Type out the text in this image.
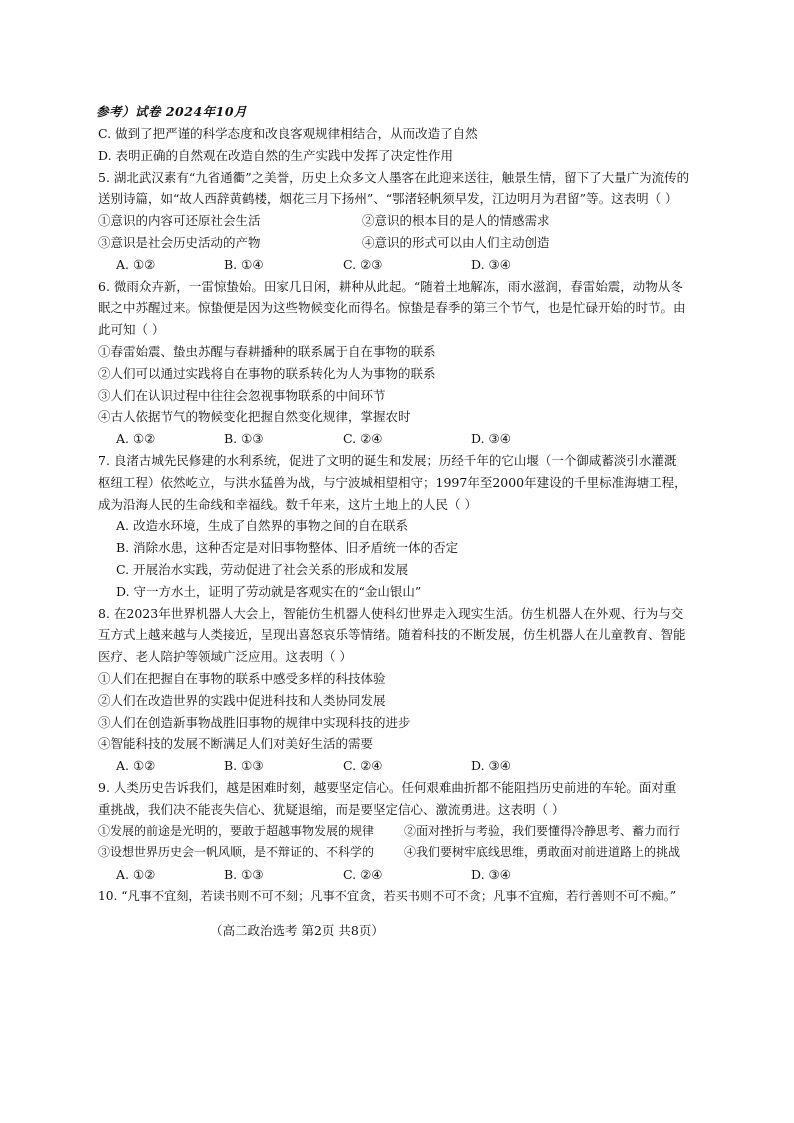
参考）试卷 2024年10月
C. 做到了把严谨的科学态度和改良客观规律相结合，从而改造了自然
D. 表明正确的自然观在改造自然的生产实践中发挥了决定性作用
5. 湖北武汉素有“九省通衢”之美誉，历史上众多文人墨客在此迎来送往，触景生情，留下了大量广为流传的
送别诗篇，如“故人西辞黄鹤楼，烟花三月下扬州”、“鄂渚轻帆须早发，江边明月为君留”等。这表明（ ）
①意识的内容可还原社会生活	②意识的根本目的是人的情感需求
③意识是社会历史活动的产物	④意识的形式可以由人们主动创造
A. ①②	B. ①④	C. ②③	D. ③④
6. 微雨众卉新，一雷惊蛰始。田家几日闲，耕种从此起。“随着土地解冻，雨水滋润，春雷始震，动物从冬
眠之中苏醒过来。惊蛰便是因为这些物候变化而得名。惊蛰是春季的第三个节气，也是忙碌开始的时节。由
此可知（ ）
①春雷始震、蛰虫苏醒与春耕播种的联系属于自在事物的联系
②人们可以通过实践将自在事物的联系转化为人为事物的联系
③人们在认识过程中往往会忽视事物联系的中间环节
④古人依据节气的物候变化把握自然变化规律，掌握农时
A. ①②	B. ①③	C. ②④	D. ③④
7. 良渚古城先民修建的水利系统，促进了文明的诞生和发展；历经千年的它山堰（一个御咸蓄淡引水灌溉
枢纽工程）依然屹立，与洪水猛兽为战，与宁波城相望相守；1997年至2000年建设的千里标准海塘工程，
成为沿海人民的生命线和幸福线。数千年来，这片土地上的人民（ ）
A. 改造水环境，生成了自然界的事物之间的自在联系
B. 消除水患，这种否定是对旧事物整体、旧矛盾统一体的否定
C. 开展治水实践，劳动促进了社会关系的形成和发展
D. 守一方水土，证明了劳动就是客观实在的“金山银山”
8. 在2023年世界机器人大会上，智能仿生机器人使科幻世界走入现实生活。仿生机器人在外观、行为与交
互方式上越来越与人类接近，呈现出喜怒哀乐等情绪。随着科技的不断发展，仿生机器人在儿童教育、智能
医疗、老人陪护等领域广泛应用。这表明（ ）
①人们在把握自在事物的联系中感受多样的科技体验
②人们在改造世界的实践中促进科技和人类协同发展
③人们在创造新事物战胜旧事物的规律中实现科技的进步
④智能科技的发展不断满足人们对美好生活的需要
A. ①②	B. ①③	C. ②④	D. ③④
9. 人类历史告诉我们，越是困难时刻，越要坚定信心。任何艰难曲折都不能阻挡历史前进的车轮。面对重
重挑战，我们决不能丧失信心、犹疑退缩，而是要坚定信心、激流勇进。这表明（ ）
①发展的前途是光明的，要敢于超越事物发展的规律	②面对挫折与考验，我们要懂得冷静思考、蓄力而行
③设想世界历史会一帆风顺，是不辩证的、不科学的	④我们要树牢底线思维，勇敢面对前进道路上的挑战
A. ①②	B. ①③	C. ②④	D. ③④
10. “凡事不宜刻，若读书则不可不刻；凡事不宜贪，若买书则不可不贪；凡事不宜痴，若行善则不可不痴。”
（高二政治选考 第2页 共8页）
